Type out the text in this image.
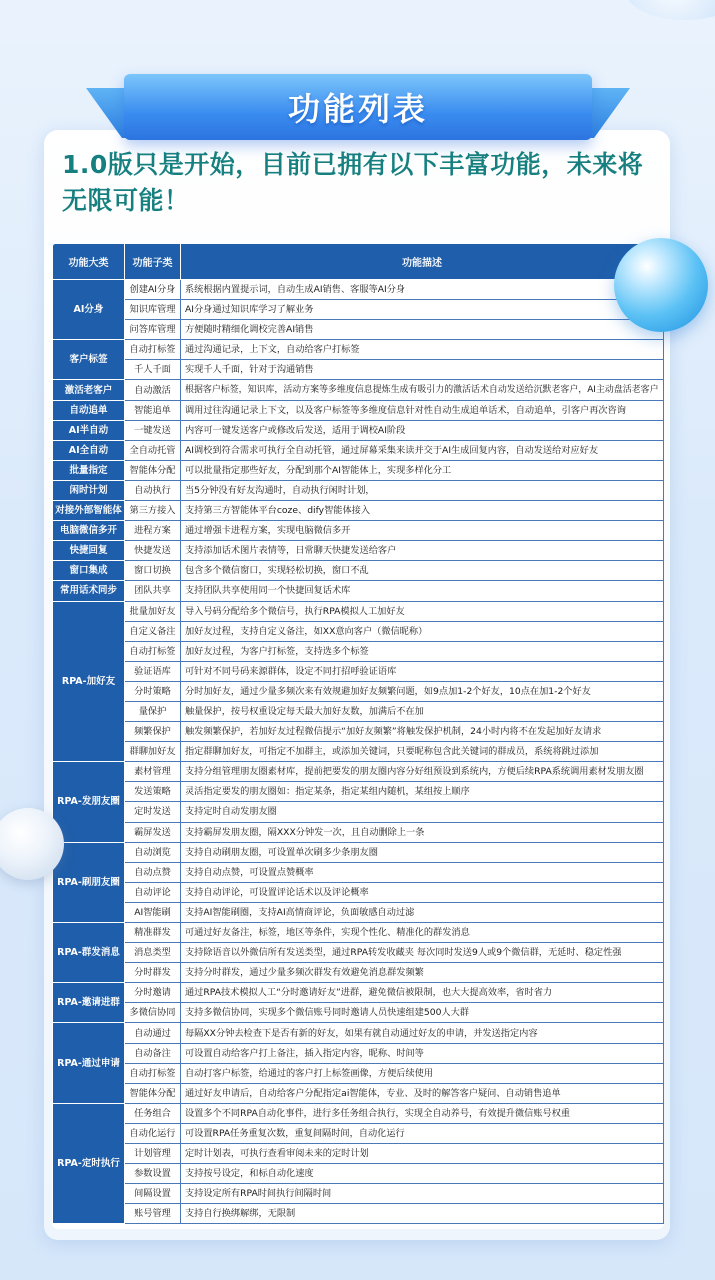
功能列表
1.0版只是开始，目前已拥有以下丰富功能，未来将无限可能！
功能大类	功能子类	功能描述
AI分身	创建AI分身	系统根据内置提示词，自动生成AI销售、客服等AI分身
	知识库管理	AI分身通过知识库学习了解业务
	问答库管理	方便随时精细化调校完善AI销售
客户标签	自动打标签	通过沟通记录，上下文，自动给客户打标签
	千人千面	实现千人千面，针对于沟通销售
激活老客户	自动激活	根据客户标签，知识库，活动方案等多维度信息提炼生成有吸引力的激活话术自动发送给沉默老客户，AI主动盘活老客户
自动追单	智能追单	调用过往沟通记录上下文，以及客户标签等多维度信息针对性自动生成追单话术，自动追单，引客户再次咨询
AI半自动	一键发送	内容可一键发送客户或修改后发送，适用于调校AI阶段
AI全自动	全自动托管	AI调校到符合需求可执行全自动托管，通过屏幕采集来读并交于AI生成回复内容，自动发送给对应好友
批量指定	智能体分配	可以批量指定那些好友，分配到那个AI智能体上，实现多样化分工
闲时计划	自动执行	当5分钟没有好友沟通时，自动执行闲时计划，
对接外部智能体	第三方接入	支持第三方智能体平台coze、dify智能体接入
电脑微信多开	进程方案	通过增强卡进程方案，实现电脑微信多开
快捷回复	快捷发送	支持添加话术图片表情等，日常聊天快捷发送给客户
窗口集成	窗口切换	包含多个微信窗口，实现轻松切换，窗口不乱
常用话术同步	团队共享	支持团队共享使用同一个快捷回复话术库
RPA-加好友	批量加好友	导入号码分配给多个微信号，执行RPA模拟人工加好友
	自定义备注	加好友过程，支持自定义备注，如XX意向客户（微信昵称）
	自动打标签	加好友过程，为客户打标签，支持选多个标签
	验证语库	可针对不同号码来源群体，设定不同打招呼验证语库
	分时策略	分时加好友，通过少量多频次来有效规避加好友频繁问题，如9点加1-2个好友，10点在加1-2个好友
	量保护	触量保护，按号权重设定每天最大加好友数，加满后不在加
	频繁保护	触发频繁保护，若加好友过程微信提示“加好友频繁”将触发保护机制，24小时内将不在发起加好友请求
	群聊加好友	指定群聊加好友，可指定不加群主，或添加关键词，只要昵称包含此关键词的群成员，系统将跳过添加
RPA-发朋友圈	素材管理	支持分组管理朋友圈素材库，提前把要发的朋友圈内容分好组预设到系统内，方便后续RPA系统调用素材发朋友圈
	发送策略	灵活指定要发的朋友圈如：指定某条，指定某组内随机，某组按上顺序
	定时发送	支持定时自动发朋友圈
	霸屏发送	支持霸屏发朋友圈，隔XXX分钟发一次，且自动删除上一条
RPA-刷朋友圈	自动浏览	支持自动刷朋友圈，可设置单次刷多少条朋友圈
	自动点赞	支持自动点赞，可设置点赞概率
	自动评论	支持自动评论，可设置评论话术以及评论概率
	AI智能刷	支持AI智能刷圈，支持AI高情商评论，负面敏感自动过滤
RPA-群发消息	精准群发	可通过好友备注，标签，地区等条件，实现个性化、精准化的群发消息
	消息类型	支持除语音以外微信所有发送类型，通过RPA转发收藏夹 每次同时发送9人或9个微信群，无延时、稳定性强
	分时群发	支持分时群发，通过少量多频次群发有效避免消息群发频繁
RPA-邀请进群	分时邀请	通过RPA技术模拟人工“分时邀请好友”进群，避免微信被限制，也大大提高效率，省时省力
	多微信协同	支持多微信协同，实现多个微信账号同时邀请人员快速组建500人大群
RPA-通过申请	自动通过	每隔XX分钟去检查下是否有新的好友，如果有就自动通过好友的申请，并发送指定内容
	自动备注	可设置自动给客户打上备注，插入指定内容，昵称、时间等
	自动打标签	自动打客户标签，给通过的客户打上标签画像，方便后续使用
	智能体分配	通过好友申请后，自动给客户分配指定ai智能体，专业、及时的解答客户疑问、自动销售追单
RPA-定时执行	任务组合	设置多个不同RPA自动化事件，进行多任务组合执行，实现全自动养号，有效提升微信账号权重
	自动化运行	可设置RPA任务重复次数，重复间隔时间，自动化运行
	计划管理	定时计划表，可执行查看审阅未来的定时计划
	参数设置	支持按号设定，和标自动化速度
	间隔设置	支持设定所有RPA时间执行间隔时间
	账号管理	支持自行换绑解绑，无限制
